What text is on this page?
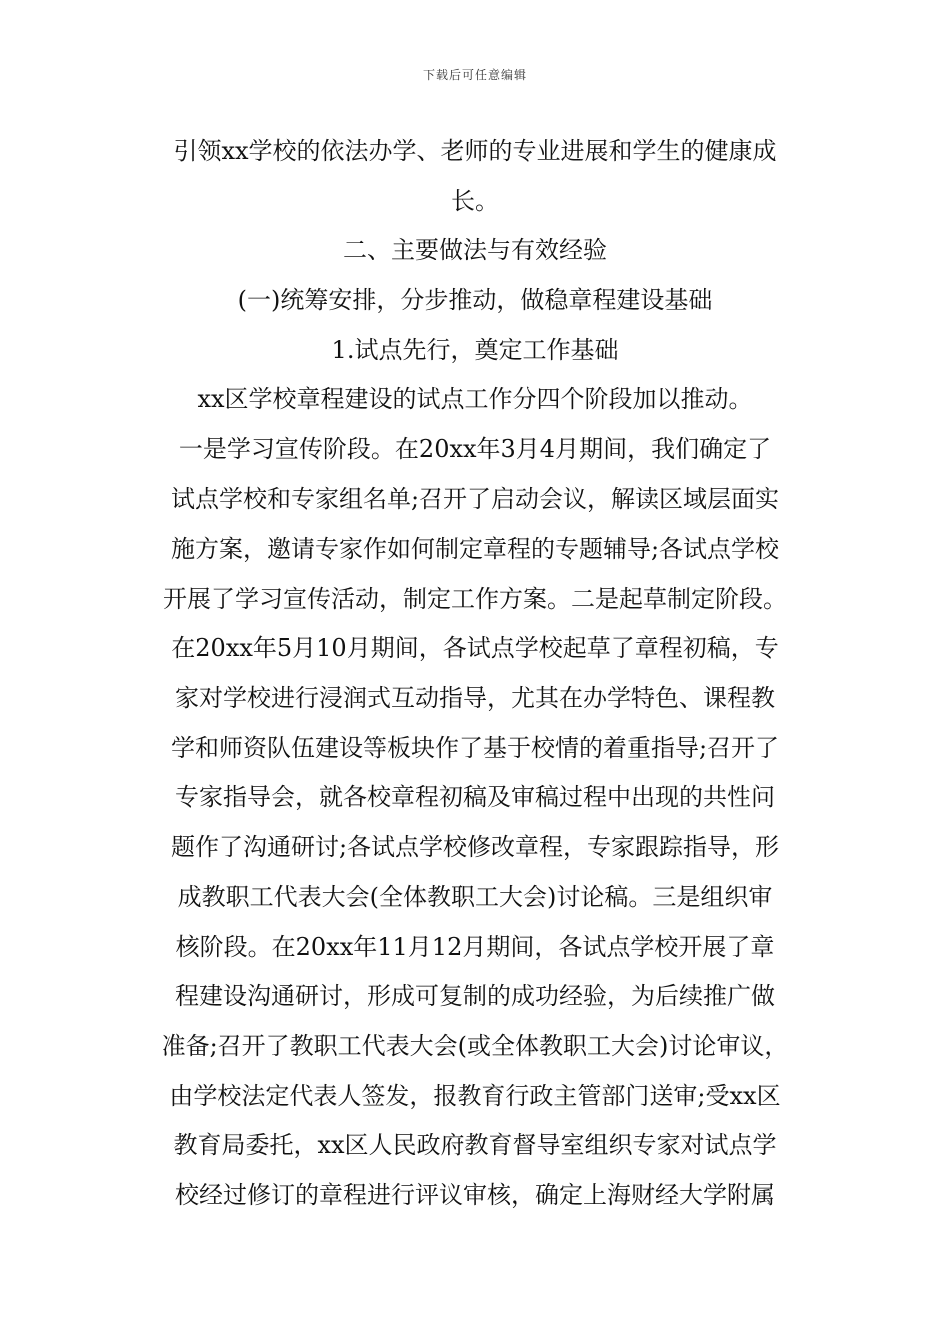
下载后可任意编辑
引领xx学校的依法办学、老师的专业进展和学生的健康成
长。
二、主要做法与有效经验
(一)统筹安排，分步推动，做稳章程建设基础
1.试点先行，奠定工作基础
xx区学校章程建设的试点工作分四个阶段加以推动。
一是学习宣传阶段。在20xx年3月4月期间，我们确定了
试点学校和专家组名单;召开了启动会议，解读区域层面实
施方案，邀请专家作如何制定章程的专题辅导;各试点学校
开展了学习宣传活动，制定工作方案。二是起草制定阶段。
在20xx年5月10月期间，各试点学校起草了章程初稿，专
家对学校进行浸润式互动指导，尤其在办学特色、课程教
学和师资队伍建设等板块作了基于校情的着重指导;召开了
专家指导会，就各校章程初稿及审稿过程中出现的共性问
题作了沟通研讨;各试点学校修改章程，专家跟踪指导，形
成教职工代表大会(全体教职工大会)讨论稿。三是组织审
核阶段。在20xx年11月12月期间，各试点学校开展了章
程建设沟通研讨，形成可复制的成功经验，为后续推广做
准备;召开了教职工代表大会(或全体教职工大会)讨论审议，
由学校法定代表人签发，报教育行政主管部门送审;受xx区
教育局委托，xx区人民政府教育督导室组织专家对试点学
校经过修订的章程进行评议审核，确定上海财经大学附属
